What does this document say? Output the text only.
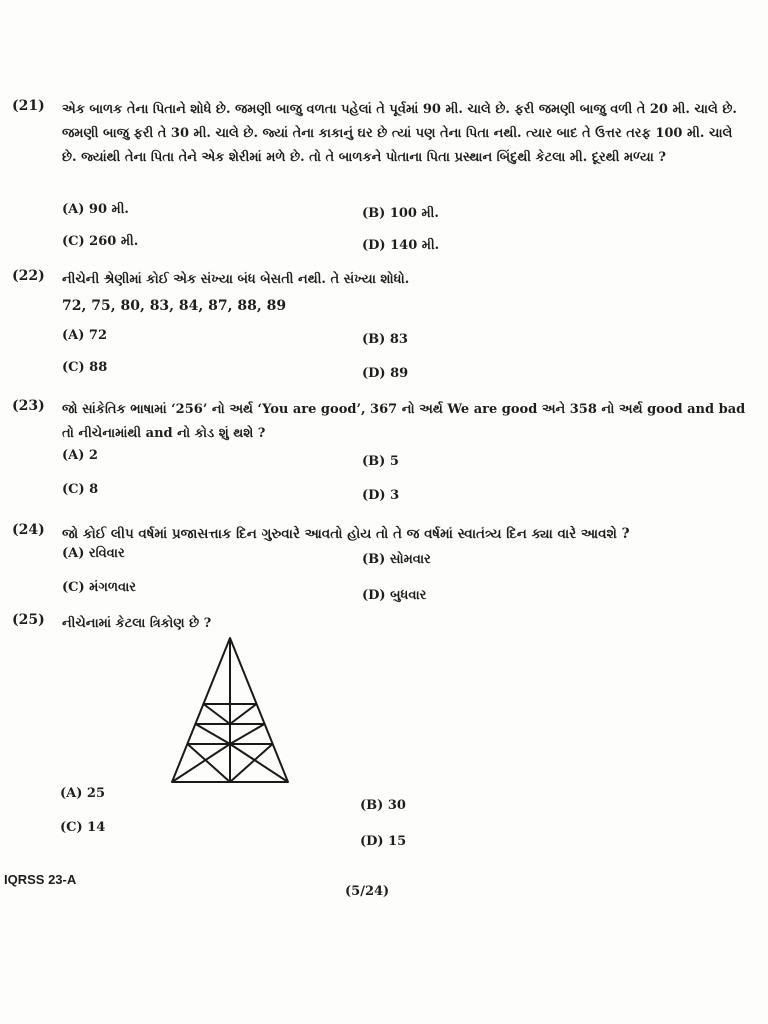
(21) એક બાળક તેના પિતાને શોધે છે. જમણી બાજુ વળતા પહેલાં તે પૂર્વમાં 90 મી. ચાલે છે. ફરી જમણી બાજુ વળી તે 20 મી. ચાલે છે. જમણી બાજુ ફરી તે 30 મી. ચાલે છે. જ્યાં તેના કાકાનું ઘર છે ત્યાં પણ તેના પિતા નથી. ત્યાર બાદ તે ઉત્તર તરફ 100 મી. ચાલે છે. જ્યાંથી તેના પિતા તેને એક શેરીમાં મળે છે. તો તે બાળકને પોતાના પિતા પ્રસ્થાન બિંદુથી કેટલા મી. દૂરથી મળ્યા ?
(A) 90 મી.	(B) 100 મી.
(C) 260 મી.	(D) 140 મી.
(22) નીચેની શ્રેણીમાં કોઈ એક સંખ્યા બંધ બેસતી નથી. તે સંખ્યા શોધો.
72, 75, 80, 83, 84, 87, 88, 89
(A) 72	(B) 83
(C) 88	(D) 89
(23) જો સાંકેતિક ભાષામાં ‘256’ નો અર્થ ‘You are good’, 367 નો અર્થ We are good અને 358 નો અર્થ good and bad તો નીચેનામાંથી and નો કોડ શું થશે ?
(A) 2	(B) 5
(C) 8	(D) 3
(24) જો કોઈ લીપ વર્ષમાં પ્રજાસત્તાક દિન ગુરુવારે આવતો હોય તો તે જ વર્ષમાં સ્વાતંત્ર્ય દિન ક્યા વારે આવશે ?
(A) રવિવાર	(B) સોમવાર
(C) મંગળવાર
(D) બુધવાર
(25) નીચેનામાં કેટલા ત્રિકોણ છે ?
(A) 25
(B) 30
(C) 14
(D) 15
IQRSS 23-A
(5/24)
